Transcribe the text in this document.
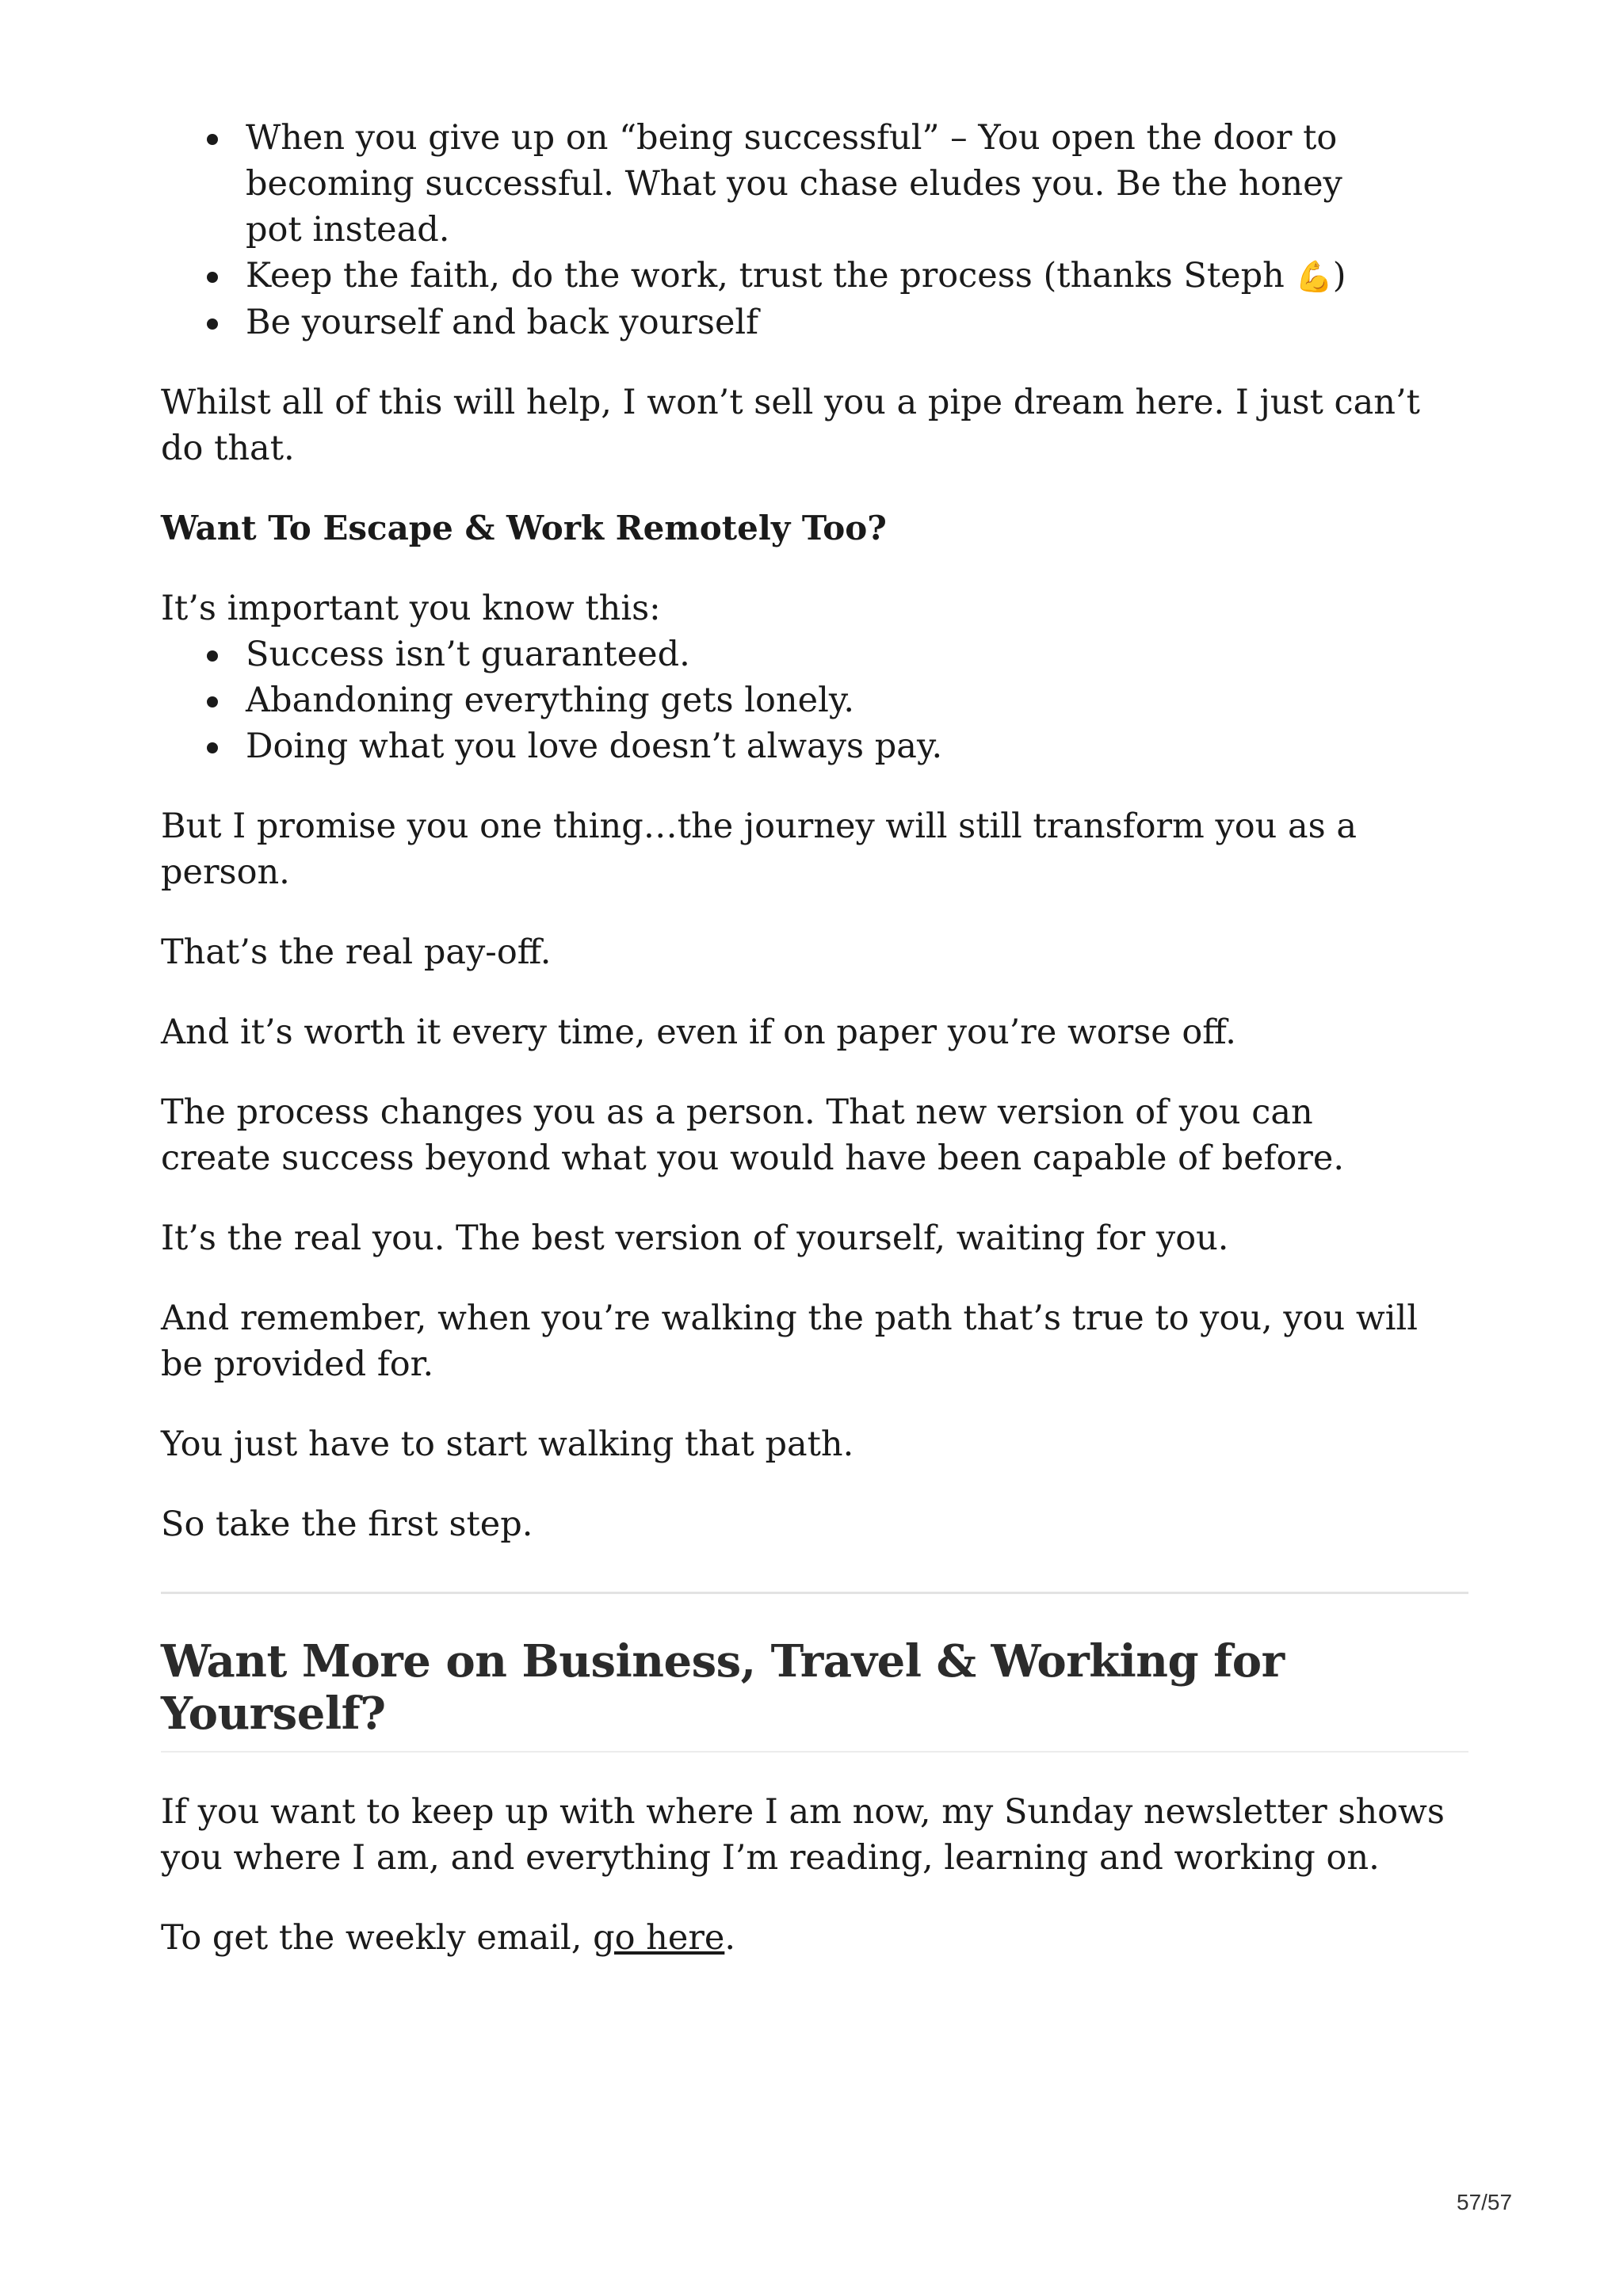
When you give up on “being successful” – You open the door to becoming successful. What you chase eludes you. Be the honey pot instead.
Keep the faith, do the work, trust the process (thanks Steph 💪)
Be yourself and back yourself

Whilst all of this will help, I won’t sell you a pipe dream here. I just can’t do that.

Want To Escape & Work Remotely Too?

It’s important you know this:

Success isn’t guaranteed.
Abandoning everything gets lonely.
Doing what you love doesn’t always pay.

But I promise you one thing…the journey will still transform you as a person.

That’s the real pay-off.

And it’s worth it every time, even if on paper you’re worse off.

The process changes you as a person. That new version of you can create success beyond what you would have been capable of before.

It’s the real you. The best version of yourself, waiting for you.

And remember, when you’re walking the path that’s true to you, you will be provided for.

You just have to start walking that path.

So take the first step.

Want More on Business, Travel & Working for Yourself?

If you want to keep up with where I am now, my Sunday newsletter shows you where I am, and everything I’m reading, learning and working on.

To get the weekly email, go here.

57/57
